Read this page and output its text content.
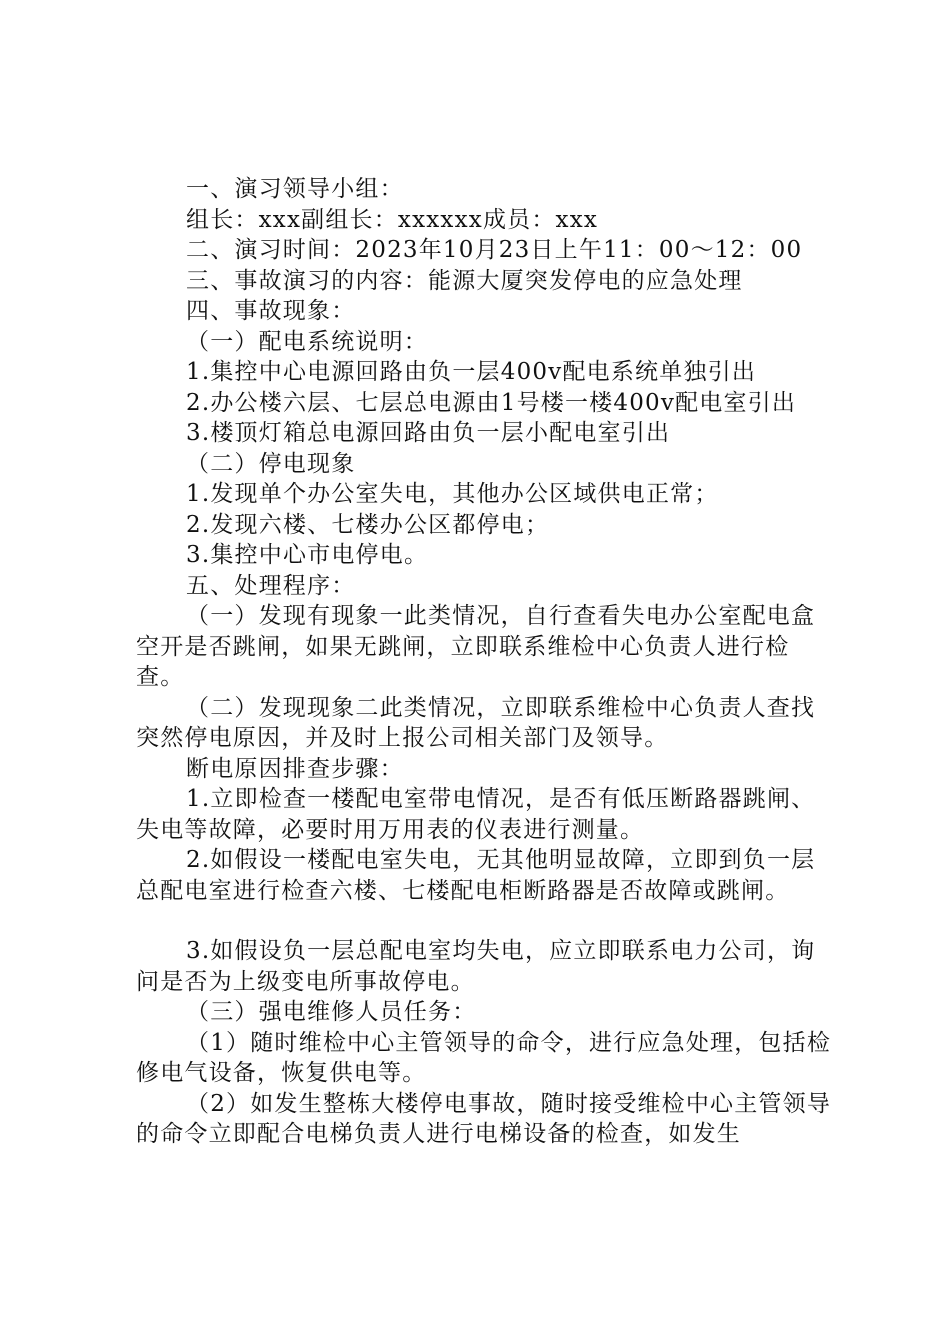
一、演习领导小组：

组长：xxx副组长：xxxxxx成员：xxx

二、演习时间：2023年10月23日上午11：00～12：00

三、事故演习的内容：能源大厦突发停电的应急处理

四、事故现象：

（一）配电系统说明：

1.集控中心电源回路由负一层400v配电系统单独引出

2.办公楼六层、七层总电源由1号楼一楼400v配电室引出

3.楼顶灯箱总电源回路由负一层小配电室引出

（二）停电现象

1.发现单个办公室失电，其他办公区域供电正常；

2.发现六楼、七楼办公区都停电；

3.集控中心市电停电。

五、处理程序：

（一）发现有现象一此类情况，自行查看失电办公室配电盒空开是否跳闸，如果无跳闸，立即联系维检中心负责人进行检查。

（二）发现现象二此类情况，立即联系维检中心负责人查找突然停电原因，并及时上报公司相关部门及领导。

断电原因排查步骤：

1.立即检查一楼配电室带电情况，是否有低压断路器跳闸、失电等故障，必要时用万用表的仪表进行测量。

2.如假设一楼配电室失电，无其他明显故障，立即到负一层总配电室进行检查六楼、七楼配电柜断路器是否故障或跳闸。

3.如假设负一层总配电室均失电，应立即联系电力公司，询问是否为上级变电所事故停电。

（三）强电维修人员任务：

（1）随时维检中心主管领导的命令，进行应急处理，包括检修电气设备，恢复供电等。

（2）如发生整栋大楼停电事故，随时接受维检中心主管领导的命令立即配合电梯负责人进行电梯设备的检查，如发生
